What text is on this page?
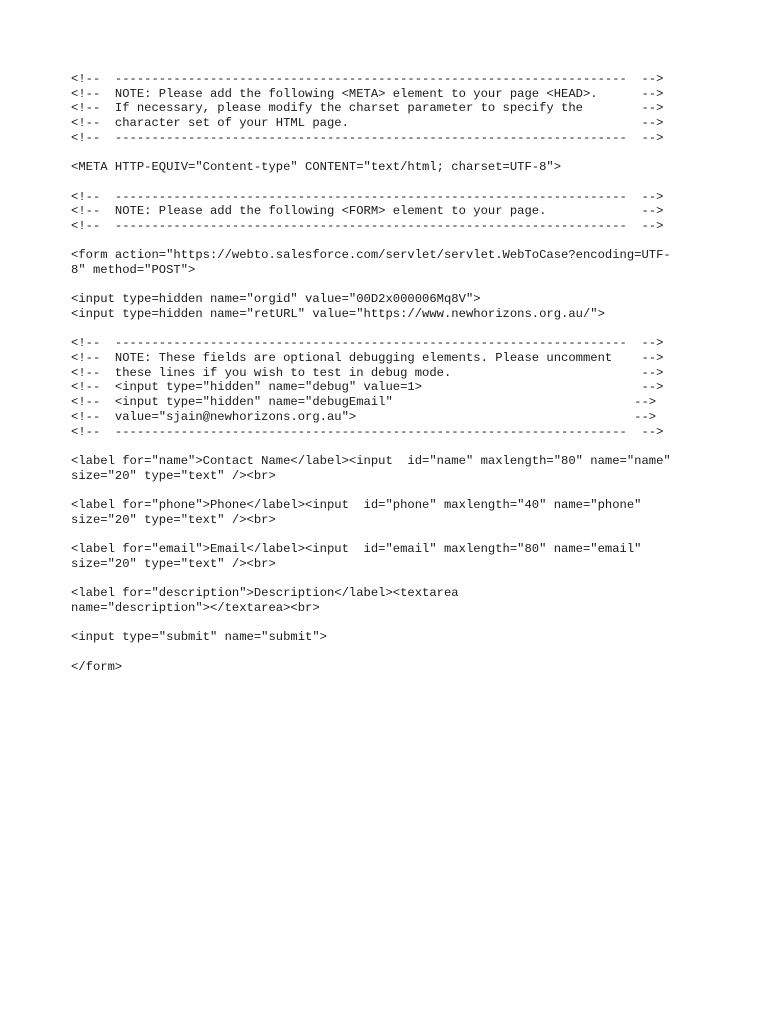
<!--  ----------------------------------------------------------------------  -->
<!--  NOTE: Please add the following <META> element to your page <HEAD>.      -->
<!--  If necessary, please modify the charset parameter to specify the        -->
<!--  character set of your HTML page.                                        -->
<!--  ----------------------------------------------------------------------  -->
<META HTTP-EQUIV="Content-type" CONTENT="text/html; charset=UTF-8">
<!--  ----------------------------------------------------------------------  -->
<!--  NOTE: Please add the following <FORM> element to your page.             -->
<!--  ----------------------------------------------------------------------  -->
<form action="https://webto.salesforce.com/servlet/servlet.WebToCase?encoding=UTF-
8" method="POST">
<input type=hidden name="orgid" value="00D2x000006Mq8V">
<input type=hidden name="retURL" value="https://www.newhorizons.org.au/">
<!--  ----------------------------------------------------------------------  -->
<!--  NOTE: These fields are optional debugging elements. Please uncomment    -->
<!--  these lines if you wish to test in debug mode.                          -->
<!--  <input type="hidden" name="debug" value=1>                              -->
<!--  <input type="hidden" name="debugEmail"                                 -->
<!--  value="sjain@newhorizons.org.au">                                      -->
<!--  ----------------------------------------------------------------------  -->
<label for="name">Contact Name</label><input  id="name" maxlength="80" name="name"
size="20" type="text" /><br>
<label for="phone">Phone</label><input  id="phone" maxlength="40" name="phone"
size="20" type="text" /><br>
<label for="email">Email</label><input  id="email" maxlength="80" name="email"
size="20" type="text" /><br>
<label for="description">Description</label><textarea
name="description"></textarea><br>
<input type="submit" name="submit">
</form>
